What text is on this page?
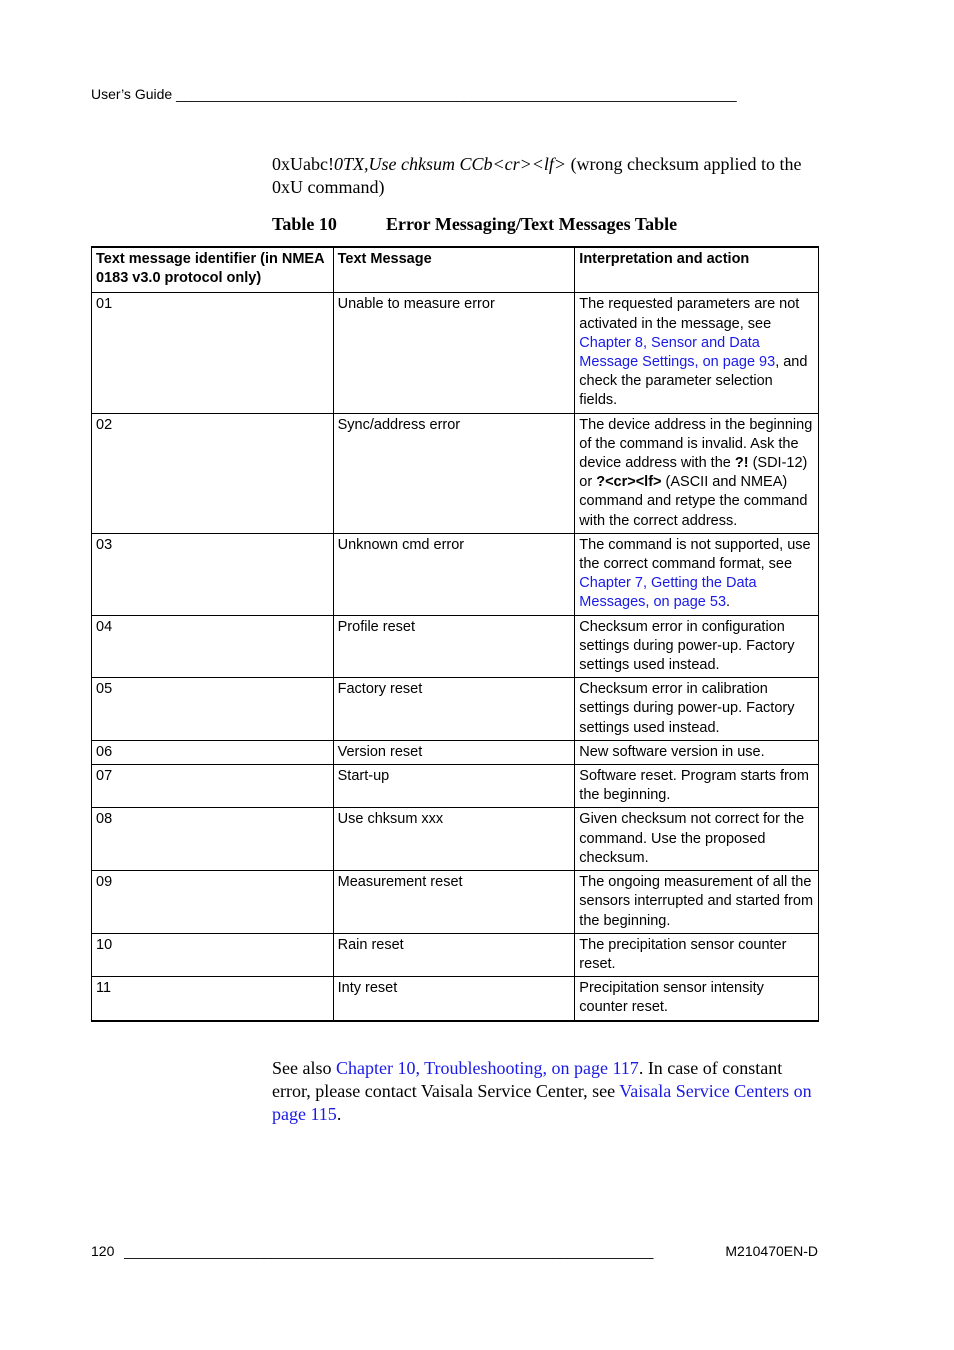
User’s Guide ________________________________________________________________________
0xUabc!0TX,Use chksum CCb<cr><lf> (wrong checksum applied to the 0xU command)
Table 10	Error Messaging/Text Messages Table
Text message identifier (in NMEA 0183 v3.0 protocol only)	Text Message	Interpretation and action
01	Unable to measure error	The requested parameters are not activated in the message, see Chapter 8, Sensor and Data Message Settings, on page 93, and check the parameter selection fields.
02	Sync/address error	The device address in the beginning of the command is invalid. Ask the device address with the ?! (SDI-12) or ?<cr><lf> (ASCII and NMEA) command and retype the command with the correct address.
03	Unknown cmd error	The command is not supported, use the correct command format, see Chapter 7, Getting the Data Messages, on page 53.
04	Profile reset	Checksum error in configuration settings during power-up. Factory settings used instead.
05	Factory reset	Checksum error in calibration settings during power-up. Factory settings used instead.
06	Version reset	New software version in use.
07	Start-up	Software reset. Program starts from the beginning.
08	Use chksum xxx	Given checksum not correct for the command. Use the proposed checksum.
09	Measurement reset	The ongoing measurement of all the sensors interrupted and started from the beginning.
10	Rain reset	The precipitation sensor counter reset.
11	Inty reset	Precipitation sensor intensity counter reset.
See also Chapter 10, Troubleshooting, on page 117. In case of constant error, please contact Vaisala Service Center, see Vaisala Service Centers on page 115.
120 ____________________________________________________________________	M210470EN-D
